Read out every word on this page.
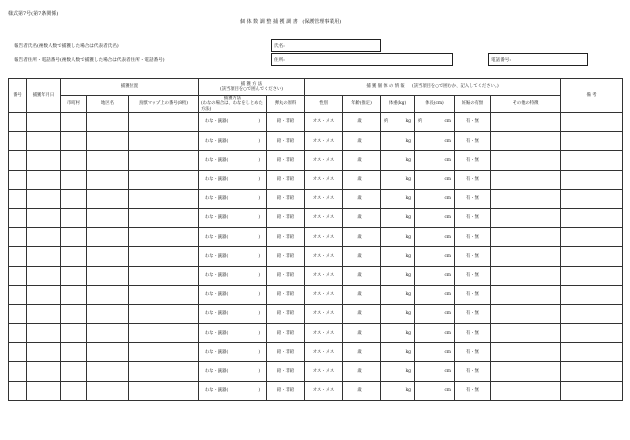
様式第7号(第7条関係)
個 体 数 調 整 捕 獲 調 書 (保護管理事業用)
報告者氏名(複数人数で捕獲した場合は代表者氏名)
報告者住所・電話番号(複数人数で捕獲した場合は代表者住所・電話番号)
氏名:
住所:	電話番号:
番号	捕獲年月日	捕獲位置			捕 獲 方 法
(該当項目を○で囲んでください)		捕 獲 個 体 の 情 報 (該当項目を○で囲むか、記入してください。)						備 考
		市町村	地区名	鳥獣マップ上の番号(8桁)	捕獲方法
(わなの場合は、わなをしとめた方法)	弾丸の原料	性別	年齢(推定)	体重(kg)	体長(cm)	妊娠の有無	その他の特徴	

					わな・銃器( )	鉛・非鉛	オス・メス	歳	約 kg	約 cm	有・無		

					わな・銃器( )	鉛・非鉛	オス・メス	歳	kg	cm	有・無		

					わな・銃器( )	鉛・非鉛	オス・メス	歳	kg	cm	有・無		

					わな・銃器( )	鉛・非鉛	オス・メス	歳	kg	cm	有・無		

					わな・銃器( )	鉛・非鉛	オス・メス	歳	kg	cm	有・無		

					わな・銃器( )	鉛・非鉛	オス・メス	歳	kg	cm	有・無		

					わな・銃器( )	鉛・非鉛	オス・メス	歳	kg	cm	有・無		

					わな・銃器( )	鉛・非鉛	オス・メス	歳	kg	cm	有・無		

					わな・銃器( )	鉛・非鉛	オス・メス	歳	kg	cm	有・無		

					わな・銃器( )	鉛・非鉛	オス・メス	歳	kg	cm	有・無		

					わな・銃器( )	鉛・非鉛	オス・メス	歳	kg	cm	有・無		

					わな・銃器( )	鉛・非鉛	オス・メス	歳	kg	cm	有・無		

					わな・銃器( )	鉛・非鉛	オス・メス	歳	kg	cm	有・無		

					わな・銃器( )	鉛・非鉛	オス・メス	歳	kg	cm	有・無		

					わな・銃器( )	鉛・非鉛	オス・メス	歳	kg	cm	有・無		
